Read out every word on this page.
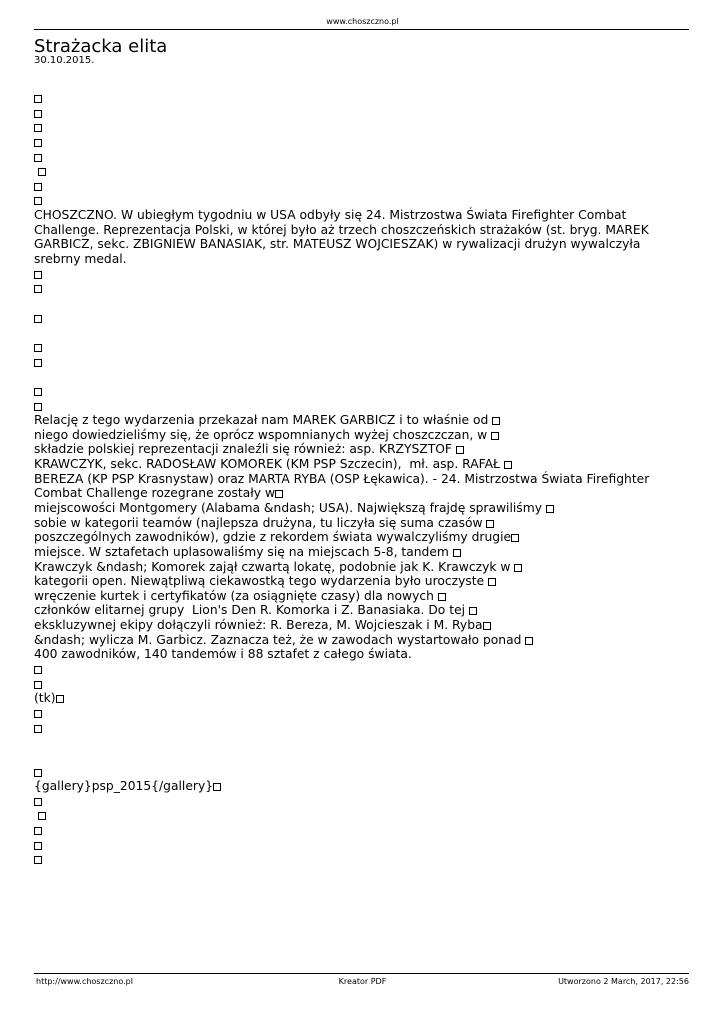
www.choszczno.pl
Strażacka elita
30.10.2015.

CHOSZCZNO. W ubiegłym tygodniu w USA odbyły się 24. Mistrzostwa Świata Firefighter Combat Challenge. Reprezentacja Polski, w której było aż trzech choszczeńskich strażaków (st. bryg. MAREK GARBICZ, sekc. ZBIGNIEW BANASIAK, str. MATEUSZ WOJCIESZAK) w rywalizacji drużyn wywalczyła srebrny medal.
Relację z tego wydarzenia przekazał nam MAREK GARBICZ i to właśnie od
niego dowiedzieliśmy się, że oprócz wspomnianych wyżej choszczczan, w
składzie polskiej reprezentacji znaleźli się również: asp. KRZYSZTOF
KRAWCZYK, sekc. RADOSŁAW KOMOREK (KM PSP Szczecin),  mł. asp. RAFAŁ
BEREZA (KP PSP Krasnystaw) oraz MARTA RYBA (OSP Łękawica). - 24. Mistrzostwa Świata Firefighter
Combat Challenge rozegrane zostały w
miejscowości Montgomery (Alabama &ndash; USA). Największą frajdę sprawiliśmy
sobie w kategorii teamów (najlepsza drużyna, tu liczyła się suma czasów
poszczególnych zawodników), gdzie z rekordem świata wywalczyliśmy drugie
miejsce. W sztafetach uplasowaliśmy się na miejscach 5-8, tandem
Krawczyk &ndash; Komorek zajął czwartą lokatę, podobnie jak K. Krawczyk w
kategorii open. Niewątpliwą ciekawostką tego wydarzenia było uroczyste
wręczenie kurtek i certyfikatów (za osiągnięte czasy) dla nowych
członków elitarnej grupy  Lion's Den R. Komorka i Z. Banasiaka. Do tej
ekskluzywnej ekipy dołączyli również: R. Bereza, M. Wojcieszak i M. Ryba
&ndash; wylicza M. Garbicz. Zaznacza też, że w zawodach wystartowało ponad
400 zawodników, 140 tandemów i 88 sztafet z całego świata.
(tk)
{gallery}psp_2015{/gallery}

http://www.choszczno.pl	Kreator PDF	Utworzono 2 March, 2017, 22:56
